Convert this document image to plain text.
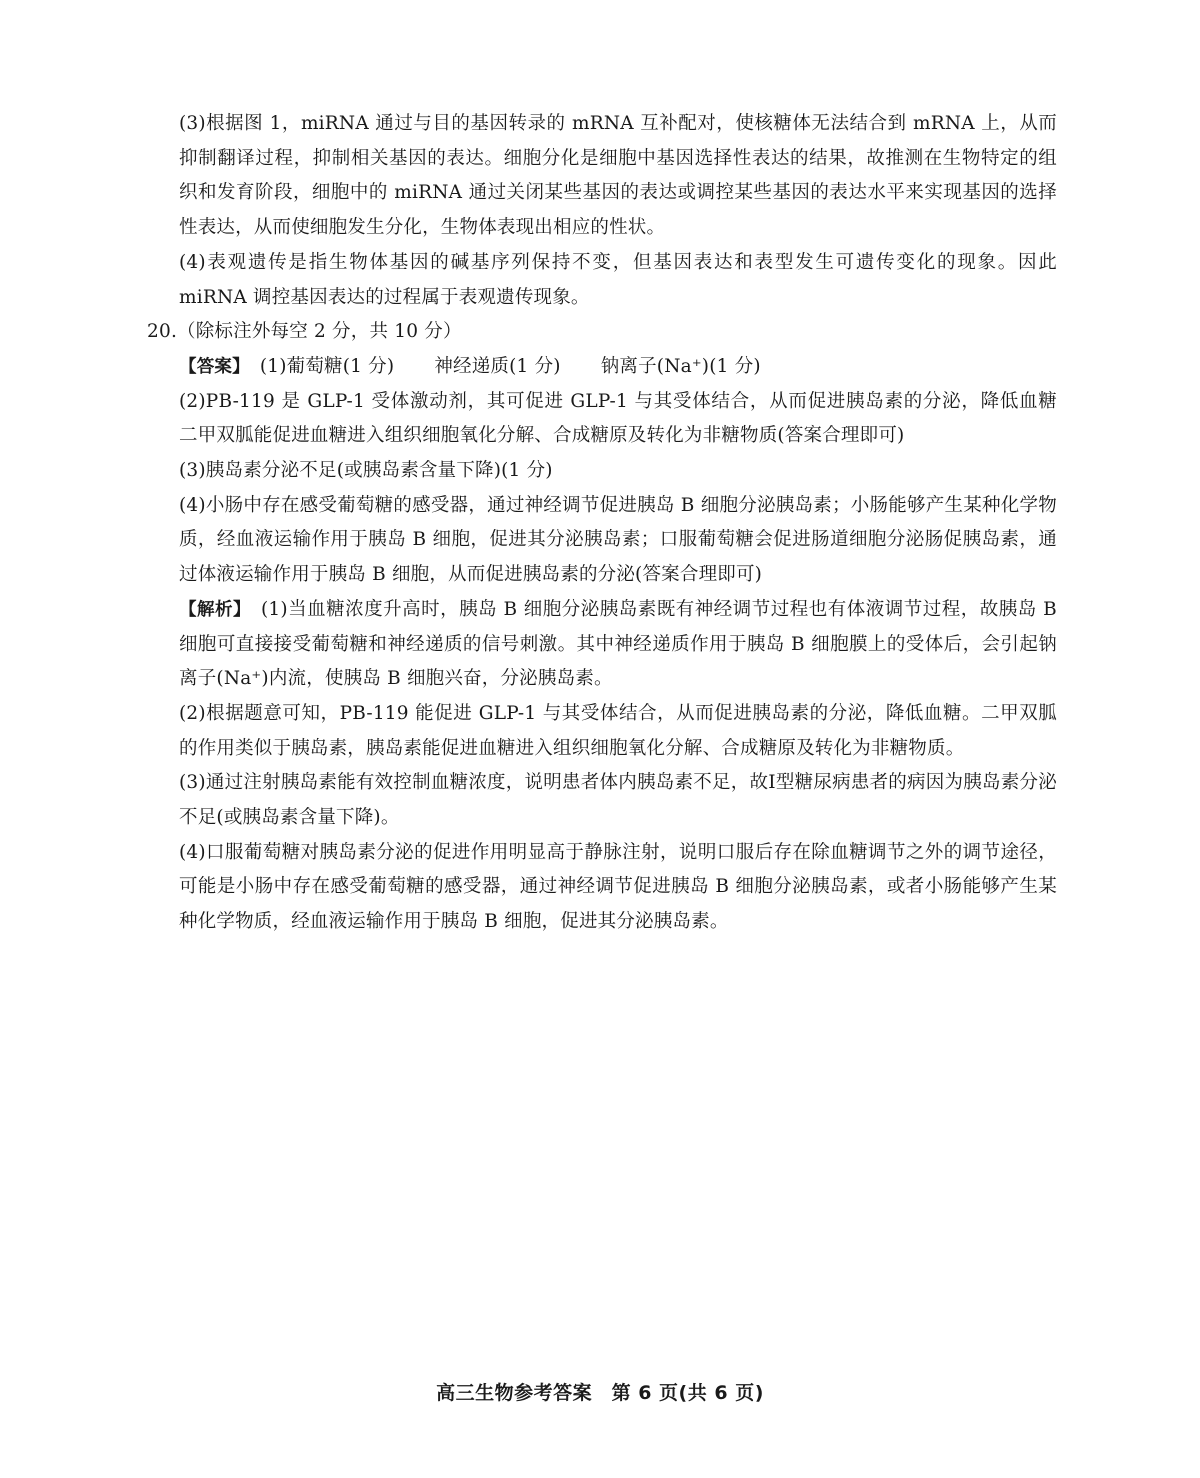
(3)根据图 1，miRNA 通过与目的基因转录的 mRNA 互补配对，使核糖体无法结合到 mRNA 上，从而抑制翻译过程，抑制相关基因的表达。细胞分化是细胞中基因选择性表达的结果，故推测在生物特定的组织和发育阶段，细胞中的 miRNA 通过关闭某些基因的表达或调控某些基因的表达水平来实现基因的选择性表达，从而使细胞发生分化，生物体表现出相应的性状。

(4)表观遗传是指生物体基因的碱基序列保持不变，但基因表达和表型发生可遗传变化的现象。因此 miRNA 调控基因表达的过程属于表观遗传现象。

20.（除标注外每空 2 分，共 10 分）

【答案】 (1)葡萄糖(1 分) 神经递质(1 分) 钠离子(Na⁺)(1 分)

(2)PB-119 是 GLP-1 受体激动剂，其可促进 GLP-1 与其受体结合，从而促进胰岛素的分泌，降低血糖 二甲双胍能促进血糖进入组织细胞氧化分解、合成糖原及转化为非糖物质(答案合理即可)

(3)胰岛素分泌不足(或胰岛素含量下降)(1 分)

(4)小肠中存在感受葡萄糖的感受器，通过神经调节促进胰岛 B 细胞分泌胰岛素；小肠能够产生某种化学物质，经血液运输作用于胰岛 B 细胞，促进其分泌胰岛素；口服葡萄糖会促进肠道细胞分泌肠促胰岛素，通过体液运输作用于胰岛 B 细胞，从而促进胰岛素的分泌(答案合理即可)

【解析】 (1)当血糖浓度升高时，胰岛 B 细胞分泌胰岛素既有神经调节过程也有体液调节过程，故胰岛 B 细胞可直接接受葡萄糖和神经递质的信号刺激。其中神经递质作用于胰岛 B 细胞膜上的受体后，会引起钠离子(Na⁺)内流，使胰岛 B 细胞兴奋，分泌胰岛素。

(2)根据题意可知，PB-119 能促进 GLP-1 与其受体结合，从而促进胰岛素的分泌，降低血糖。二甲双胍的作用类似于胰岛素，胰岛素能促进血糖进入组织细胞氧化分解、合成糖原及转化为非糖物质。

(3)通过注射胰岛素能有效控制血糖浓度，说明患者体内胰岛素不足，故Ⅰ型糖尿病患者的病因为胰岛素分泌不足(或胰岛素含量下降)。

(4)口服葡萄糖对胰岛素分泌的促进作用明显高于静脉注射，说明口服后存在除血糖调节之外的调节途径，可能是小肠中存在感受葡萄糖的感受器，通过神经调节促进胰岛 B 细胞分泌胰岛素，或者小肠能够产生某种化学物质，经血液运输作用于胰岛 B 细胞，促进其分泌胰岛素。

高三生物参考答案　第 6 页(共 6 页)
